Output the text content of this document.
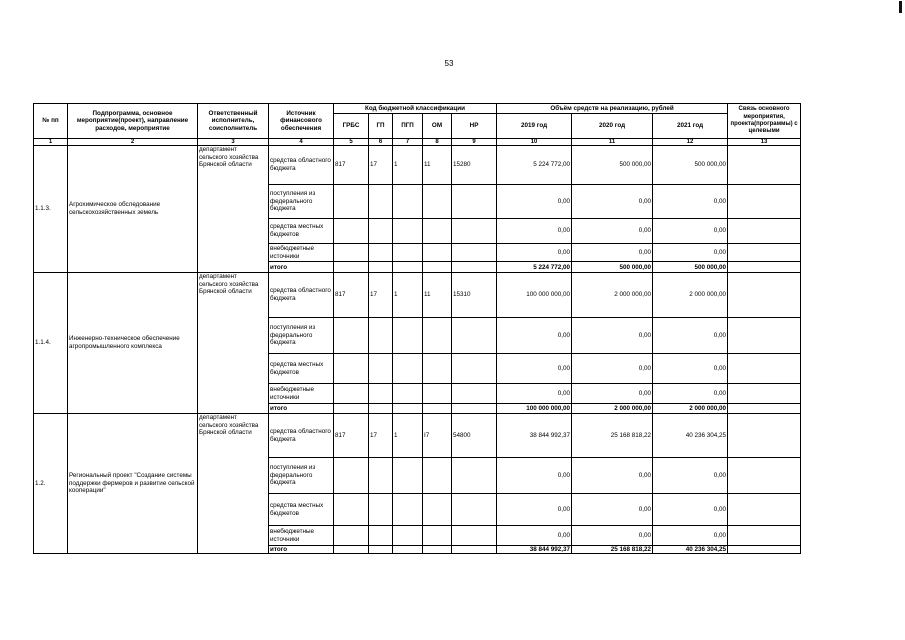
53
№ пп	Подпрограмма, основное мероприятие(проект), направление расходов, мероприятие	Ответственный исполнитель, соисполнитель	Источник финансового обеспечения	Код бюджетной классификации					Объём средств на реализацию, рублей			Связь основного мероприятия, проекта(программы) с целевыми
				ГРБС	ГП	ПГП	ОМ	НР	2019 год	2020 год	2021 год	
1	2	3	4	5	6	7	8	9	10	11	12	13
1.1.3.	Агрохимическое обследование сельскохозяйственных земель	департамент сельского хозяйства Брянской области	средства областного бюджета	817	17	1	11	15280	5 224 772,00	500 000,00	500 000,00	
			поступления из федерального бюджета						0,00	0,00	0,00	
			средства местных бюджетов						0,00	0,00	0,00	
			внебюджетные источники						0,00	0,00	0,00	
			итого						5 224 772,00	500 000,00	500 000,00	
1.1.4.	Инженерно-техническое обеспечение агропромышленного комплекса	департамент сельского хозяйства Брянской области	средства областного бюджета	817	17	1	11	15310	100 000 000,00	2 000 000,00	2 000 000,00	
			поступления из федерального бюджета						0,00	0,00	0,00	
			средства местных бюджетов						0,00	0,00	0,00	
			внебюджетные источники						0,00	0,00	0,00	
			итого						100 000 000,00	2 000 000,00	2 000 000,00	
1.2.	Региональный проект "Создание системы поддержки фермеров и развитие сельской кооперации"	департамент сельского хозяйства Брянской области	средства областного бюджета	817	17	1	I7	54800	38 844 992,37	25 168 818,22	40 236 304,25	
			поступления из федерального бюджета						0,00	0,00	0,00	
			средства местных бюджетов						0,00	0,00	0,00	
			внебюджетные источники						0,00	0,00	0,00	
			итого						38 844 992,37	25 168 818,22	40 236 304,25	
